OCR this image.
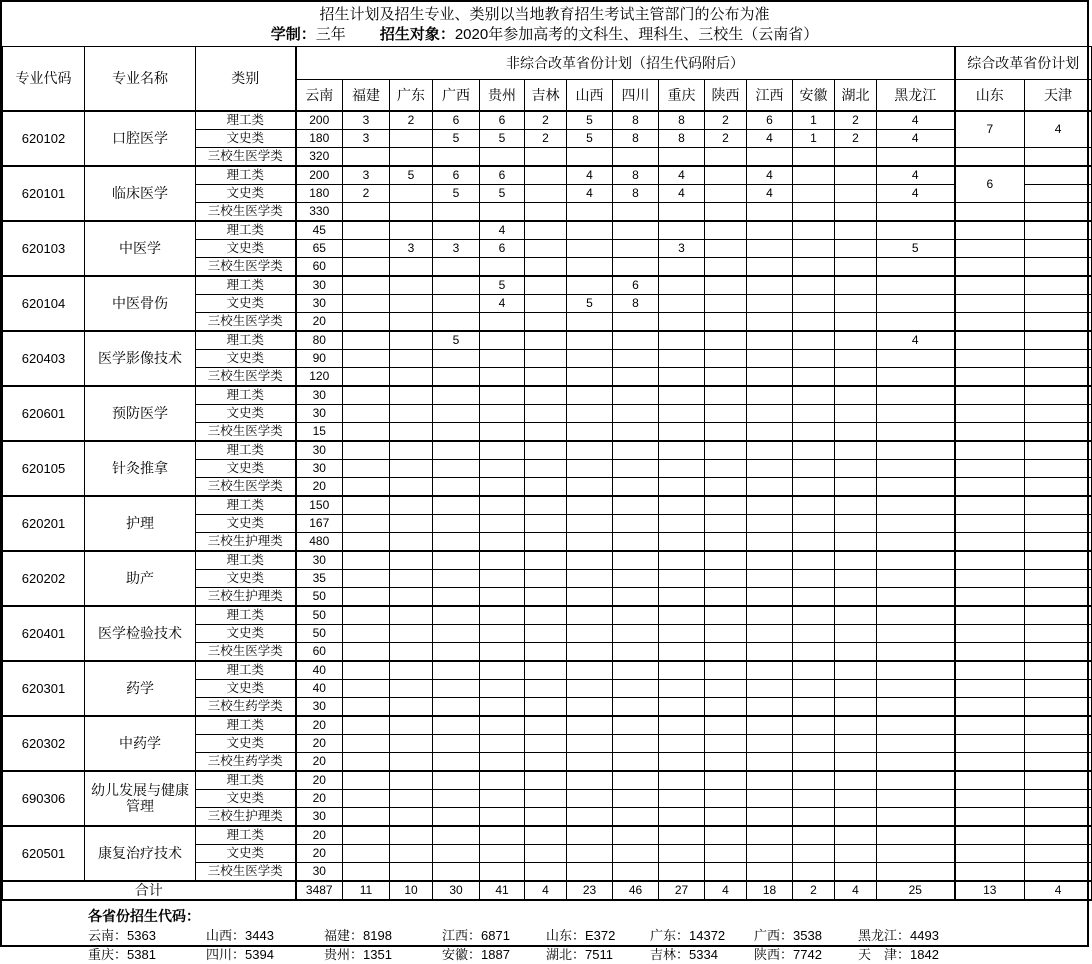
招生计划及招生专业、类别以当地教育招生考试主管部门的公布为准
学制：三年 招生对象：2020年参加高考的文科生、理科生、三校生（云南省）
专业代码	专业名称	类别	非综合改革省份计划（招生代码附后）														综合改革省份计划	
			云南	福建	广东	广西	贵州	吉林	山西	四川	重庆	陕西	江西	安徽	湖北	黑龙江	山东	天津
620102	口腔医学	理工类	200	3	2	6	6	2	5	8	8	2	6	1	2	4	7	4
		文史类	180	3		5	5	2	5	8	8	2	4	1	2	4		
		三校生医学类	320															
620101	临床医学	理工类	200	3	5	6	6		4	8	4		4			4	6	
		文史类	180	2		5	5		4	8	4		4			4		
		三校生医学类	330															
620103	中医学	理工类	45				4											
		文史类	65		3	3	6				3					5		
		三校生医学类	60															
620104	中医骨伤	理工类	30				5			6								
		文史类	30				4		5	8								
		三校生医学类	20															
620403	医学影像技术	理工类	80			5										4		
		文史类	90															
		三校生医学类	120															
620601	预防医学	理工类	30															
		文史类	30															
		三校生医学类	15															
620105	针灸推拿	理工类	30															
		文史类	30															
		三校生医学类	20															
620201	护理	理工类	150															
		文史类	167															
		三校生护理类	480															
620202	助产	理工类	30															
		文史类	35															
		三校生护理类	50															
620401	医学检验技术	理工类	50															
		文史类	50															
		三校生医学类	60															
620301	药学	理工类	40															
		文史类	40															
		三校生药学类	30															
620302	中药学	理工类	20															
		文史类	20															
		三校生药学类	20															
690306	幼儿发展与健康管理	理工类	20															
		文史类	20															
		三校生护理类	30															
620501	康复治疗技术	理工类	20															
		文史类	20															
		三校生医学类	30															
合计			3487	11	10	30	41	4	23	46	27	4	18	2	4	25	13	4
各省份招生代码：
云南：5363	山西：3443	福建：8198	江西：6871	山东：E372	广东：14372 广西：3538	黑龙江：4493
重庆：5381	四川：5394	贵州：1351	安徽：1887	湖北：7511	吉林：5334	陕西：7742	天　津：1842
